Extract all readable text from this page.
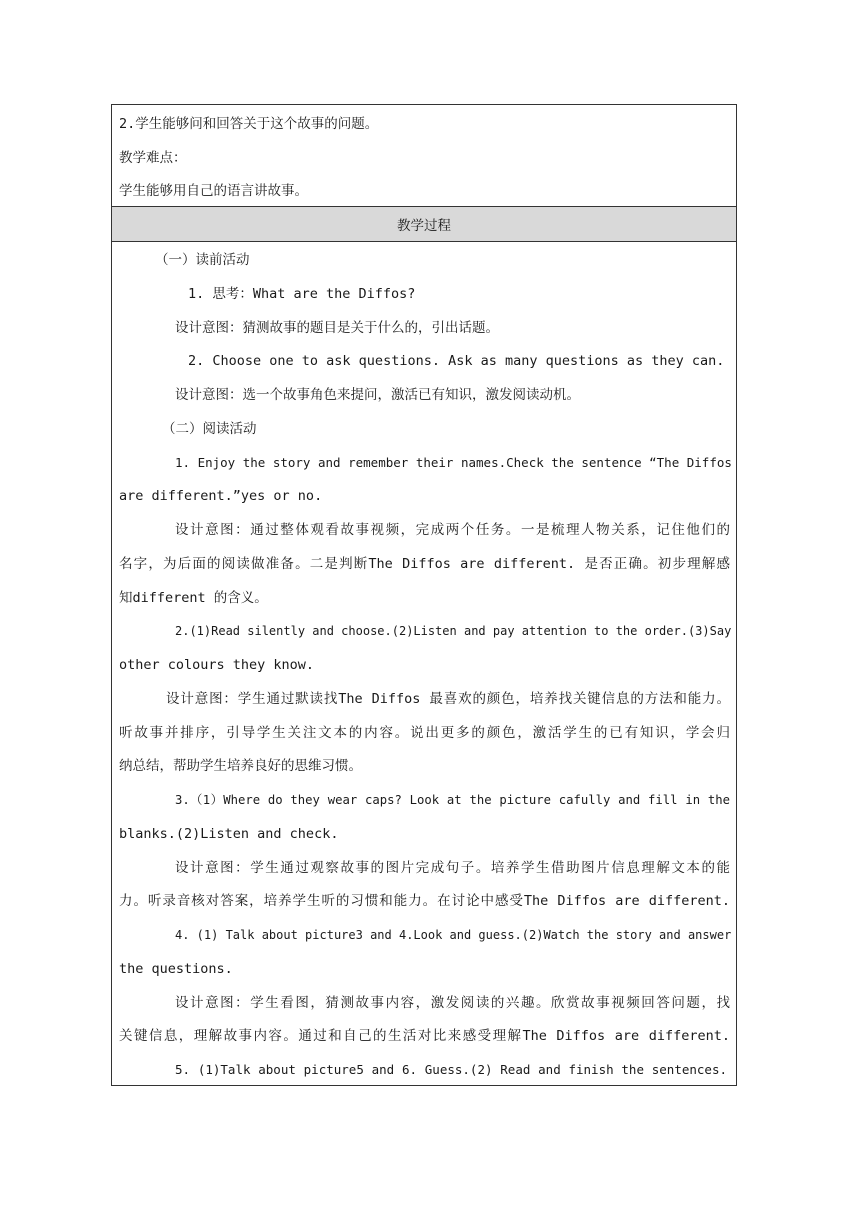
2.学生能够问和回答关于这个故事的问题。
教学难点：
学生能够用自己的语言讲故事。
教学过程
（一）读前活动
1. 思考：What are the Diffos?
设计意图：猜测故事的题目是关于什么的，引出话题。
2. Choose one to ask questions. Ask as many questions as they can.
设计意图：选一个故事角色来提问，激活已有知识，激发阅读动机。
（二）阅读活动
1. Enjoy the story and remember their names.Check the sentence “The Diffos
are different.”yes or no.
设计意图：通过整体观看故事视频，完成两个任务。一是梳理人物关系，记住他们的
名字，为后面的阅读做准备。二是判断The Diffos are different. 是否正确。初步理解感
知different 的含义。
2.(1)Read silently and choose.(2)Listen and pay attention to the order.(3)Say
other colours they know.
设计意图：学生通过默读找The Diffos 最喜欢的颜色，培养找关键信息的方法和能力。
听故事并排序，引导学生关注文本的内容。说出更多的颜色，激活学生的已有知识，学会归
纳总结，帮助学生培养良好的思维习惯。
3.（1）Where do they wear caps? Look at the picture cafully and fill in the
blanks.(2)Listen and check.
设计意图：学生通过观察故事的图片完成句子。培养学生借助图片信息理解文本的能
力。听录音核对答案，培养学生听的习惯和能力。在讨论中感受The Diffos are different.
4. (1) Talk about picture3 and 4.Look and guess.(2)Watch the story and answer
the questions.
设计意图：学生看图，猜测故事内容，激发阅读的兴趣。欣赏故事视频回答问题，找
关键信息，理解故事内容。通过和自己的生活对比来感受理解The Diffos are different.
5. (1)Talk about picture5 and 6. Guess.(2) Read and finish the sentences.
